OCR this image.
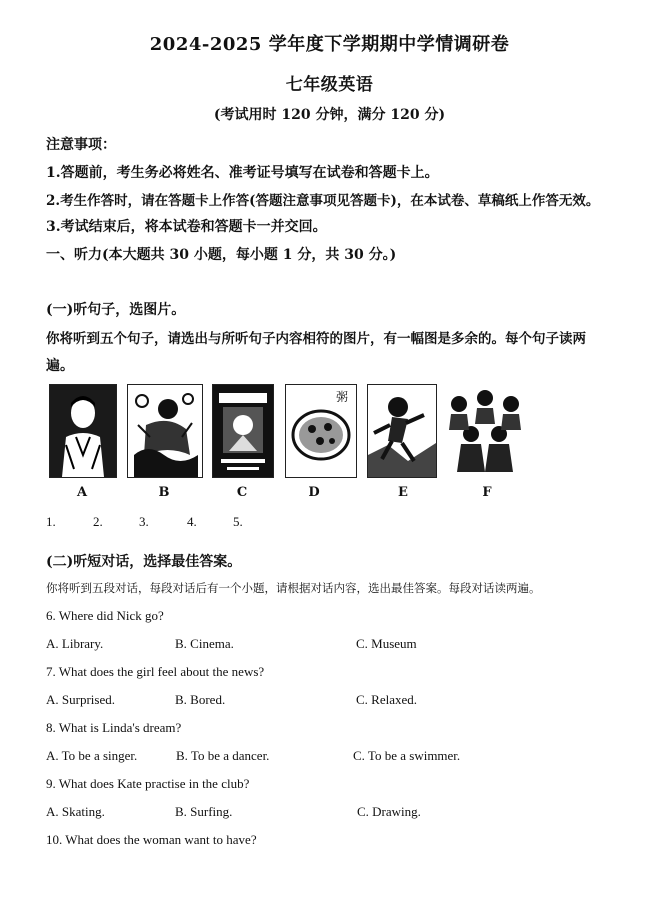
2024-2025 学年度下学期期中学情调研卷
七年级英语
(考试用时 120 分钟，满分 120 分)
注意事项：
1.答题前，考生务必将姓名、准考证号填写在试卷和答题卡上。
2.考生作答时，请在答题卡上作答(答题注意事项见答题卡)，在本试卷、草稿纸上作答无效。
3.考试结束后，将本试卷和答题卡一并交回。
一、听力(本大题共 30 小题，每小题 1 分，共 30 分。)
(一)听句子，选图片。
你将听到五个句子，请选出与所听句子内容相符的图片，有一幅图是多余的。每个句子读两
遍。
粥
A	B	C	D	E	F
1.	2.	3.	4.	5.
(二)听短对话，选择最佳答案。
你将听到五段对话，每段对话后有一个小题，请根据对话内容，选出最佳答案。每段对话读两遍。
6. Where did Nick go?
A. Library.	B. Cinema.	C. Museum
7. What does the girl feel about the news?
A. Surprised.	B. Bored.	C. Relaxed.
8. What is Linda's dream?
A. To be a singer.	B. To be a dancer.	C. To be a swimmer.
9. What does Kate practise in the club?
A. Skating.	B. Surfing.	C. Drawing.
10. What does the woman want to have?
